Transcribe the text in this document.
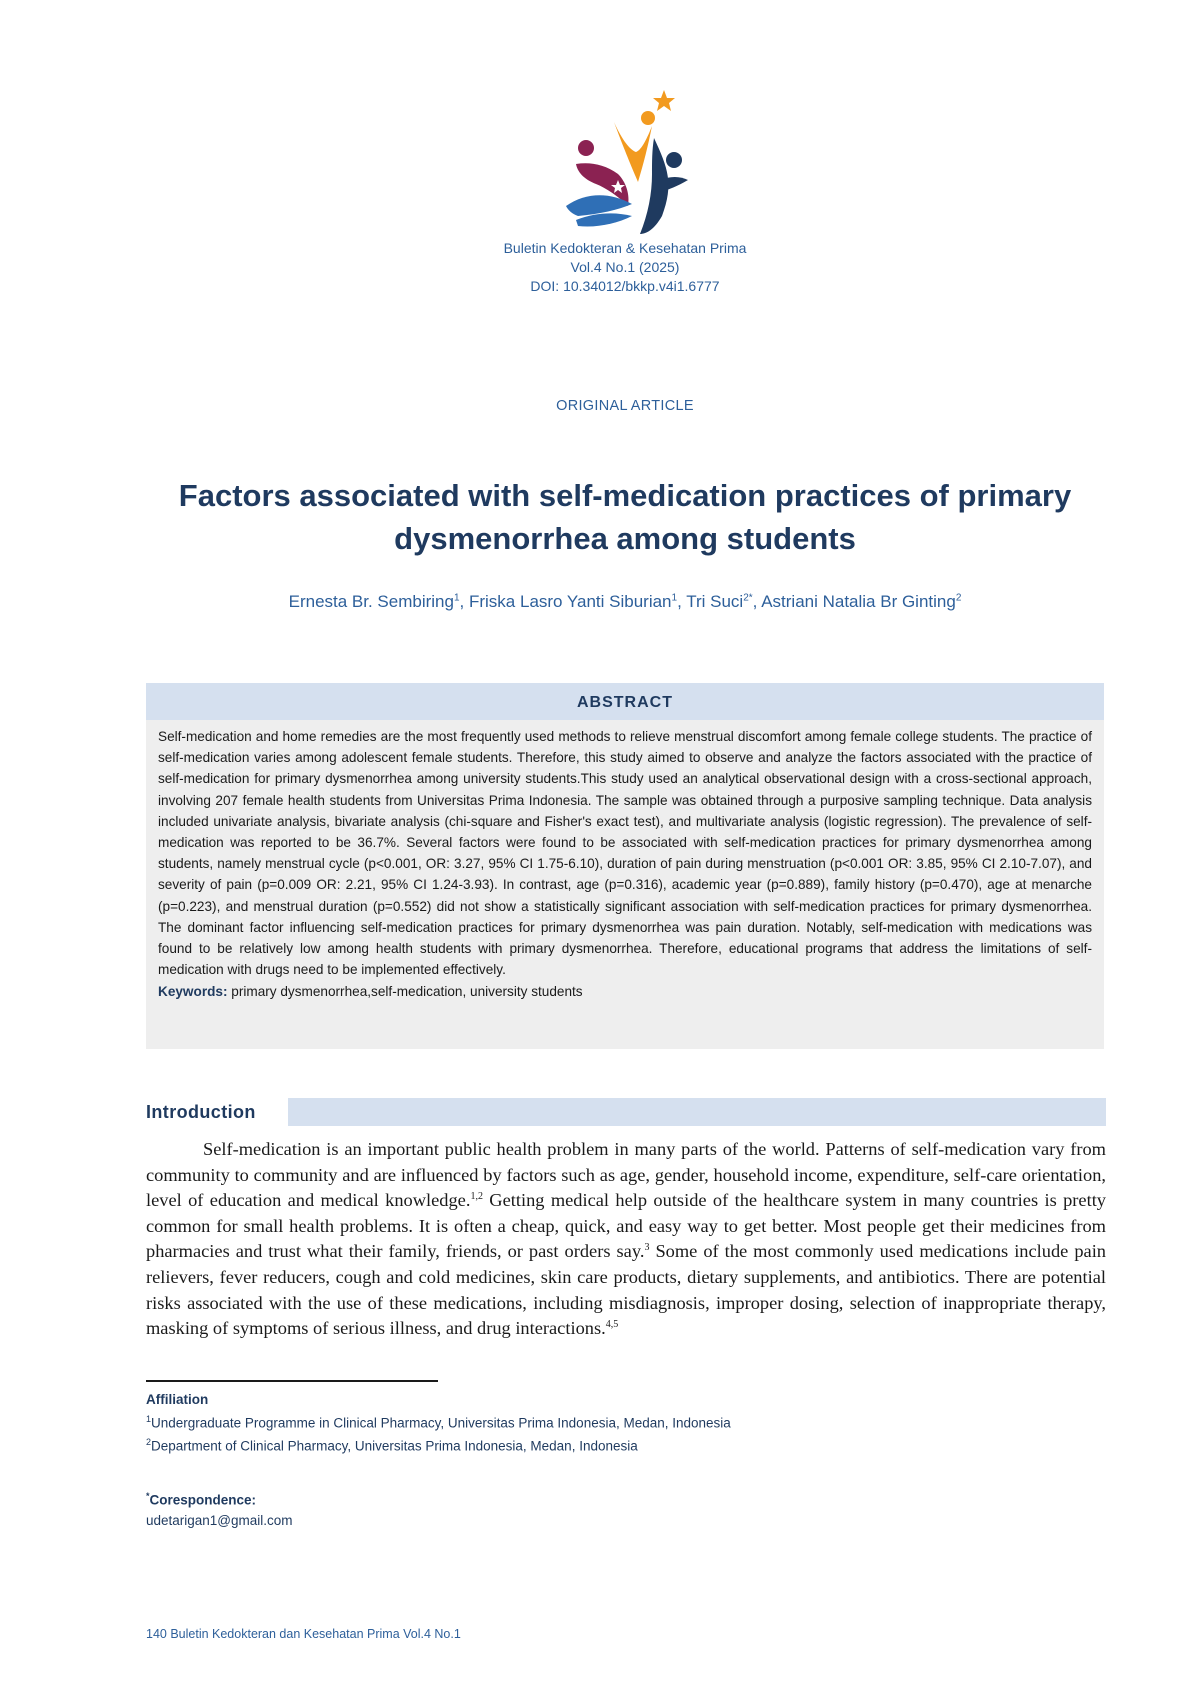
Buletin Kedokteran & Kesehatan Prima
Vol.4 No.1 (2025)
DOI: 10.34012/bkkp.v4i1.6777
ORIGINAL ARTICLE
Factors associated with self-medication practices of primary dysmenorrhea among students
Ernesta Br. Sembiring$^1$, Friska Lasro Yanti Siburian$^1$, Tri Suci$^{2*}$, Astriani Natalia Br Ginting$^2$
ABSTRACT
Self-medication and home remedies are the most frequently used methods to relieve menstrual discomfort among female college students. The practice of self-medication varies among adolescent female students. Therefore, this study aimed to observe and analyze the factors associated with the practice of self-medication for primary dysmenorrhea among university students.This study used an analytical observational design with a cross-sectional approach, involving 207 female health students from Universitas Prima Indonesia. The sample was obtained through a purposive sampling technique. Data analysis included univariate analysis, bivariate analysis (chi-square and Fisher's exact test), and multivariate analysis (logistic regression). The prevalence of self-medication was reported to be 36.7%. Several factors were found to be associated with self-medication practices for primary dysmenorrhea among students, namely menstrual cycle (p<0.001, OR: 3.27, 95% CI 1.75-6.10), duration of pain during menstruation (p<0.001 OR: 3.85, 95% CI 2.10-7.07), and severity of pain (p=0.009 OR: 2.21, 95% CI 1.24-3.93). In contrast, age (p=0.316), academic year (p=0.889), family history (p=0.470), age at menarche (p=0.223), and menstrual duration (p=0.552) did not show a statistically significant association with self-medication practices for primary dysmenorrhea. The dominant factor influencing self-medication practices for primary dysmenorrhea was pain duration. Notably, self-medication with medications was found to be relatively low among health students with primary dysmenorrhea. Therefore, educational programs that address the limitations of self-medication with drugs need to be implemented effectively.
Keywords: primary dysmenorrhea,self-medication, university students
Introduction
Self-medication is an important public health problem in many parts of the world. Patterns of self-medication vary from community to community and are influenced by factors such as age, gender, household income, expenditure, self-care orientation, level of education and medical knowledge.$^{1,2}$ Getting medical help outside of the healthcare system in many countries is pretty common for small health problems. It is often a cheap, quick, and easy way to get better. Most people get their medicines from pharmacies and trust what their family, friends, or past orders say.$^3$ Some of the most commonly used medications include pain relievers, fever reducers, cough and cold medicines, skin care products, dietary supplements, and antibiotics. There are potential risks associated with the use of these medications, including misdiagnosis, improper dosing, selection of inappropriate therapy, masking of symptoms of serious illness, and drug interactions.$^{4,5}$
Affiliation
$^1$Undergraduate Programme in Clinical Pharmacy, Universitas Prima Indonesia, Medan, Indonesia
$^2$Department of Clinical Pharmacy, Universitas Prima Indonesia, Medan, Indonesia
*Corespondence:
udetarigan1@gmail.com
140 Buletin Kedokteran dan Kesehatan Prima Vol.4 No.1
